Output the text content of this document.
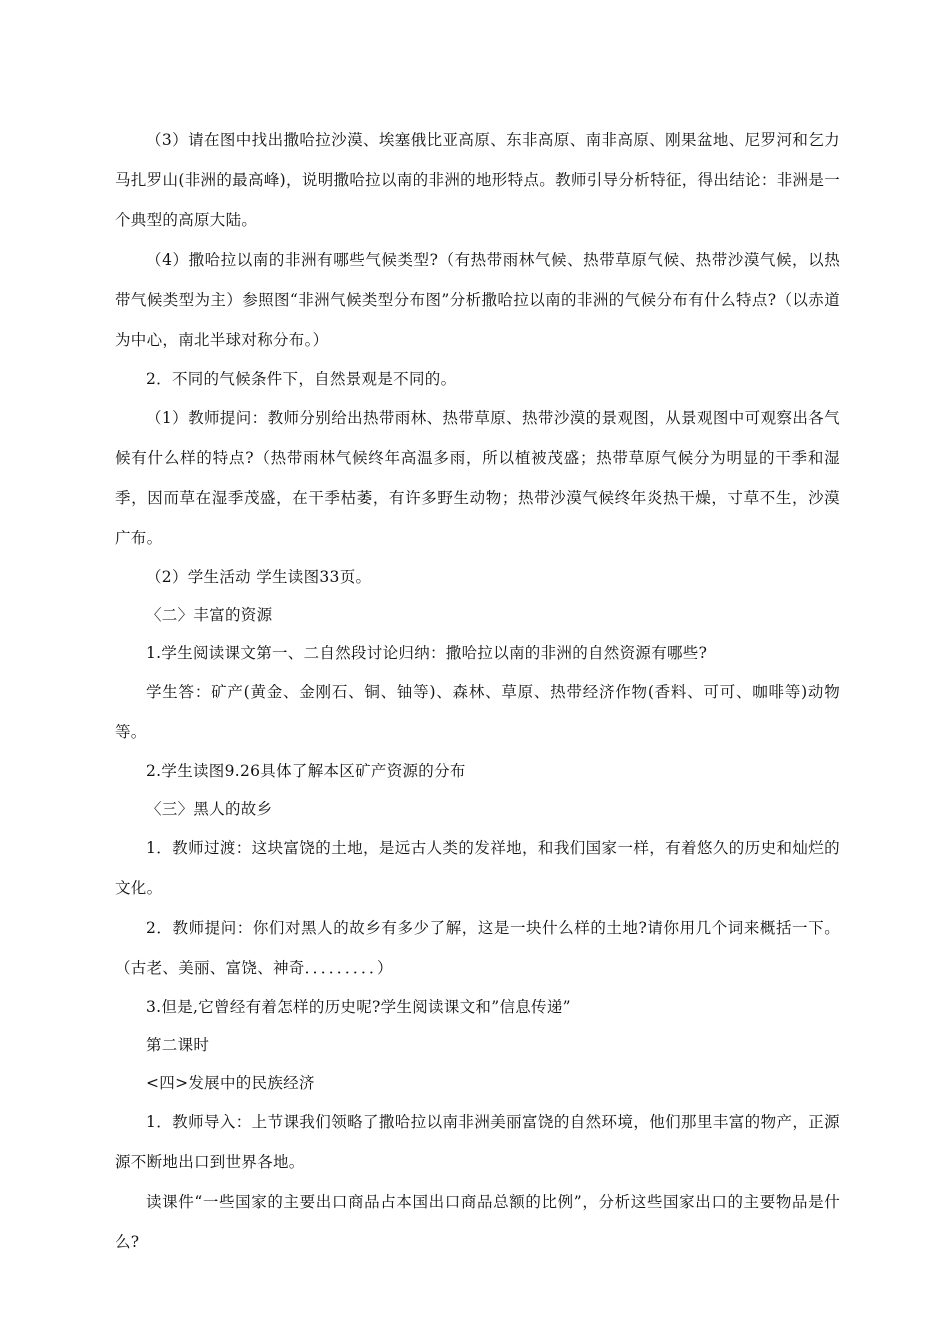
（3）请在图中找出撒哈拉沙漠、埃塞俄比亚高原、东非高原、南非高原、刚果盆地、尼罗河和乞力马扎罗山(非洲的最高峰)，说明撒哈拉以南的非洲的地形特点。教师引导分析特征，得出结论：非洲是一个典型的高原大陆。

（4）撒哈拉以南的非洲有哪些气候类型?（有热带雨林气候、热带草原气候、热带沙漠气候，以热带气候类型为主）参照图“非洲气候类型分布图”分析撒哈拉以南的非洲的气候分布有什么特点?（以赤道为中心，南北半球对称分布。）

2．不同的气候条件下，自然景观是不同的。

（1）教师提问：教师分别给出热带雨林、热带草原、热带沙漠的景观图，从景观图中可观察出各气候有什么样的特点?（热带雨林气候终年高温多雨，所以植被茂盛；热带草原气候分为明显的干季和湿季，因而草在湿季茂盛，在干季枯萎，有许多野生动物；热带沙漠气候终年炎热干燥，寸草不生，沙漠广布。

（2）学生活动 学生读图33页。

〈二〉丰富的资源

1.学生阅读课文第一、二自然段讨论归纳：撒哈拉以南的非洲的自然资源有哪些?

学生答：矿产(黄金、金刚石、铜、铀等)、森林、草原、热带经济作物(香料、可可、咖啡等)动物等。

2.学生读图9.26具体了解本区矿产资源的分布

〈三〉黑人的故乡

1．教师过渡：这块富饶的土地，是远古人类的发祥地，和我们国家一样，有着悠久的历史和灿烂的文化。

2．教师提问：你们对黑人的故乡有多少了解，这是一块什么样的土地?请你用几个词来概括一下。（古老、美丽、富饶、神奇．．．．．．．．．）

3.但是,它曾经有着怎样的历史呢?学生阅读课文和”信息传递”

第二课时

<四>发展中的民族经济

1．教师导入：上节课我们领略了撒哈拉以南非洲美丽富饶的自然环境，他们那里丰富的物产，正源源不断地出口到世界各地。

读课件“一些国家的主要出口商品占本国出口商品总额的比例”，分析这些国家出口的主要物品是什么?
